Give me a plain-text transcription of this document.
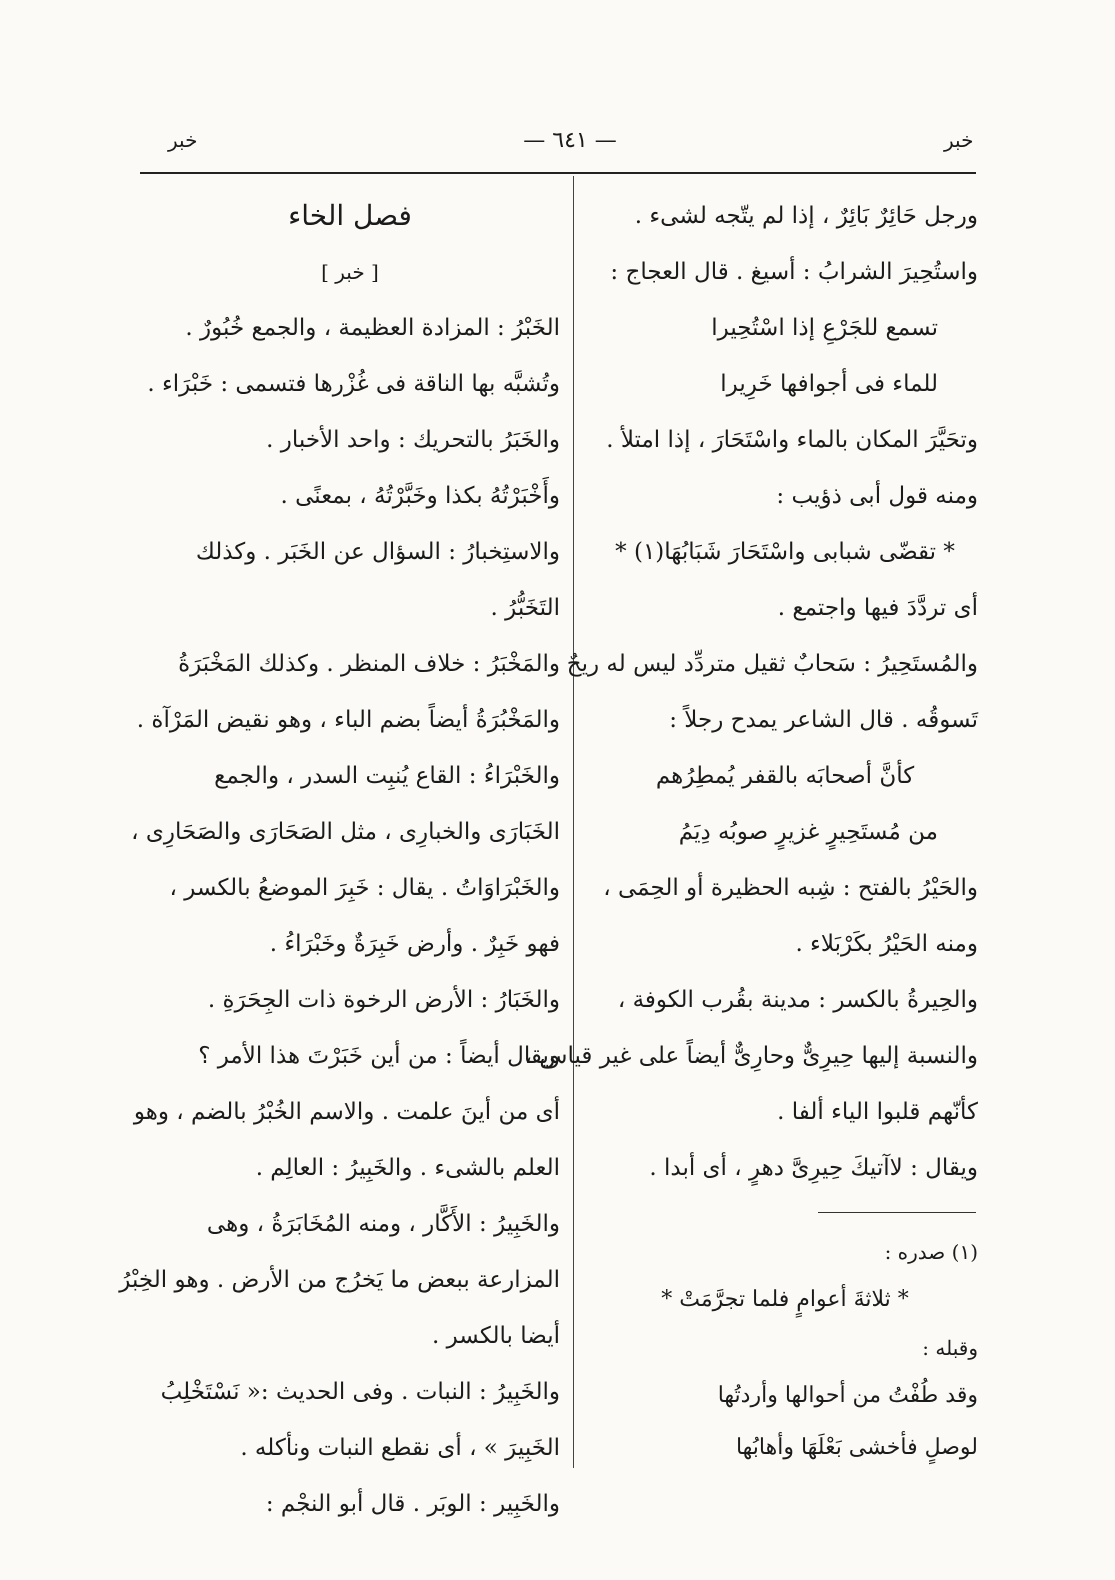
خبر
— ٦٤١ —
خبر
ورجل حَائِرٌ بَائِرٌ ، إذا لم يتّجه لشىء .
واستُحِيرَ الشرابُ : أسيغ . قال العجاج :
تسمع للجَرْعِ إذا اسْتُحِيرا
للماء فى أجوافها خَرِيرا
وتحَيَّرَ المكان بالماء واسْتَحَارَ ، إذا امتلأ .
ومنه قول أبى ذؤيب :
* تقضّى شبابى واسْتَحَارَ شَبَابُهَا(١) *
أى تردَّدَ فيها واجتمع .
والمُستَحِيرُ : سَحابٌ ثقيل متردِّد ليس له ريحٌ
تَسوقُه . قال الشاعر يمدح رجلاً :
كأنَّ أصحابَه بالقفر يُمطِرُهم
من مُستَحِيرٍ غزيرٍ صوبُه دِيَمُ
والحَيْرُ بالفتح : شِبه الحظيرة أو الحِمَى ،
ومنه الحَيْرُ بكَرْبَلاء .
والحِيرةُ بالكسر : مدينة بقُرب الكوفة ،
والنسبة إليها حِيرِىٌّ وحارِىٌّ أيضاً على غير قياس ،
كأنّهم قلبوا الياء ألفا .
ويقال : لاآتيكَ حِيرِىَّ دهرٍ ، أى أبدا .
(١) صدره :
* ثلاثةَ أعوامٍ فلما تجرَّمَتْ *
وقبله :
وقد طُفْتُ من أحوالها وأردتُها
لوصلٍ فأخشى بَعْلَهَا وأهابُها
فصل الخاء
[ خبر ]
الخَبْرُ : المزادة العظيمة ، والجمع خُبُورٌ .
وتُشبَّه بها الناقة فى غُزْرها فتسمى : خَبْرَاء .
والخَبَرُ بالتحريك : واحد الأخبار .
وأَخْبَرْتُهُ بكذا وخَبَّرْتُهُ ، بمعنًى .
والاستِخبارُ : السؤال عن الخَبَر . وكذلك
التَخَبُّرُ .
والمَخْبَرُ : خلاف المنظر . وكذلك المَخْبَرَةُ
والمَخْبُرَةُ أيضاً بضم الباء ، وهو نقيض المَرْآة .
والخَبْرَاءُ : القاع يُنبِت السدر ، والجمع
الخَبَارَى والخبارِى ، مثل الصَحَارَى والصَحَارِى ،
والخَبْرَاوَاتُ . يقال : خَبِرَ الموضعُ بالكسر ،
فهو خَبِرٌ . وأرض خَبِرَةٌ وخَبْرَاءُ .
والخَبَارُ : الأرض الرخوة ذات الجِحَرَةِ .
ويقال أيضاً : من أين خَبَرْتَ هذا الأمر ؟
أى من أينَ علمت . والاسم الخُبْرُ بالضم ، وهو
العلم بالشىء . والخَبِيرُ : العالِم .
والخَبِيرُ : الأَكَّار ، ومنه المُخَابَرَةُ ، وهى
المزارعة ببعض ما يَخرُج من الأرض . وهو الخِبْرُ
أيضا بالكسر .
والخَبِيرُ : النبات . وفى الحديث :« نَسْتَخْلِبُ
الخَبِيرَ » ، أى نقطع النبات ونأكله .
والخَبِير : الوبَر . قال أبو النجْم :
